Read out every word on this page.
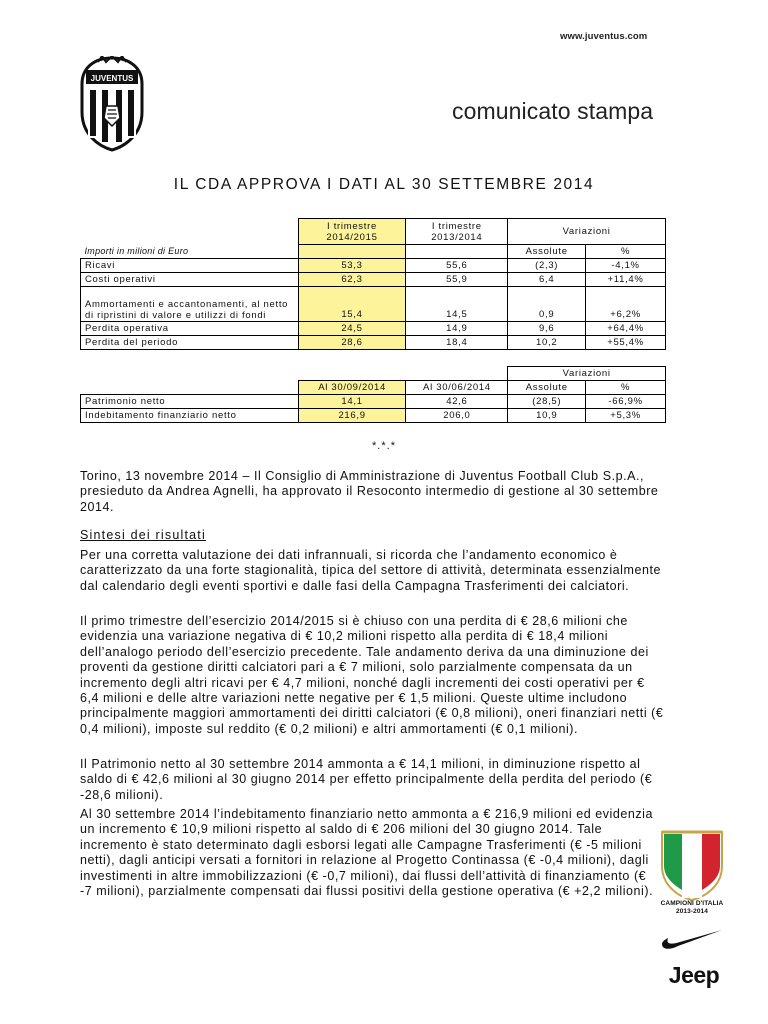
www.juventus.com
JUVENTUS
comunicato stampa
IL CDA APPROVA I DATI AL 30 SETTEMBRE 2014
	I trimestre 2014/2015	I trimestre 2013/2014	Variazioni	

Importi in milioni di Euro			Assolute	%
Ricavi	53,3	55,6	(2,3)	-4,1%
Costi operativi	62,3	55,9	6,4	+11,4%
Ammortamenti e accantonamenti, al netto di ripristini di valore e utilizzi di fondi	15,4	14,5	0,9	+6,2%
Perdita operativa	24,5	14,9	9,6	+64,4%
Perdita del periodo	28,6	18,4	10,2	+55,4%
			Variazioni	
	Al 30/09/2014	Al 30/06/2014	Assolute	%
Patrimonio netto	14,1	42,6	(28,5)	-66,9%
Indebitamento finanziario netto	216,9	206,0	10,9	+5,3%
*.*.*
Torino, 13 novembre 2014 – Il Consiglio di Amministrazione di Juventus Football Club S.p.A., presieduto da Andrea Agnelli, ha approvato il Resoconto intermedio di gestione al 30 settembre 2014.
Sintesi dei risultati
Per una corretta valutazione dei dati infrannuali, si ricorda che l’andamento economico è caratterizzato da una forte stagionalità, tipica del settore di attività, determinata essenzialmente dal calendario degli eventi sportivi e dalle fasi della Campagna Trasferimenti dei calciatori.
Il primo trimestre dell’esercizio 2014/2015 si è chiuso con una perdita di € 28,6 milioni che evidenzia una variazione negativa di € 10,2 milioni rispetto alla perdita di € 18,4 milioni dell’analogo periodo dell’esercizio precedente. Tale andamento deriva da una diminuzione dei proventi da gestione diritti calciatori pari a € 7 milioni, solo parzialmente compensata da un incremento degli altri ricavi per € 4,7 milioni, nonché dagli incrementi dei costi operativi per € 6,4 milioni e delle altre variazioni nette negative per € 1,5 milioni. Queste ultime includono principalmente maggiori ammortamenti dei diritti calciatori (€ 0,8 milioni), oneri finanziari netti (€ 0,4 milioni), imposte sul reddito (€ 0,2 milioni) e altri ammortamenti (€ 0,1 milioni).
Il Patrimonio netto al 30 settembre 2014 ammonta a € 14,1 milioni, in diminuzione rispetto al saldo di € 42,6 milioni al 30 giugno 2014 per effetto principalmente della perdita del periodo (€ -28,6 milioni).
Al 30 settembre 2014 l’indebitamento finanziario netto ammonta a € 216,9 milioni ed evidenzia un incremento € 10,9 milioni rispetto al saldo di € 206 milioni del 30 giugno 2014. Tale incremento è stato determinato dagli esborsi legati alle Campagne Trasferimenti (€ -5 milioni netti), dagli anticipi versati a fornitori in relazione al Progetto Continassa (€ -0,4 milioni), dagli investimenti in altre immobilizzazioni (€ -0,7 milioni), dai flussi dell’attività di finanziamento (€ -7 milioni), parzialmente compensati dai flussi positivi della gestione operativa (€ +2,2 milioni).
CAMPIONI D'ITALIA
2013-2014
Jeep
